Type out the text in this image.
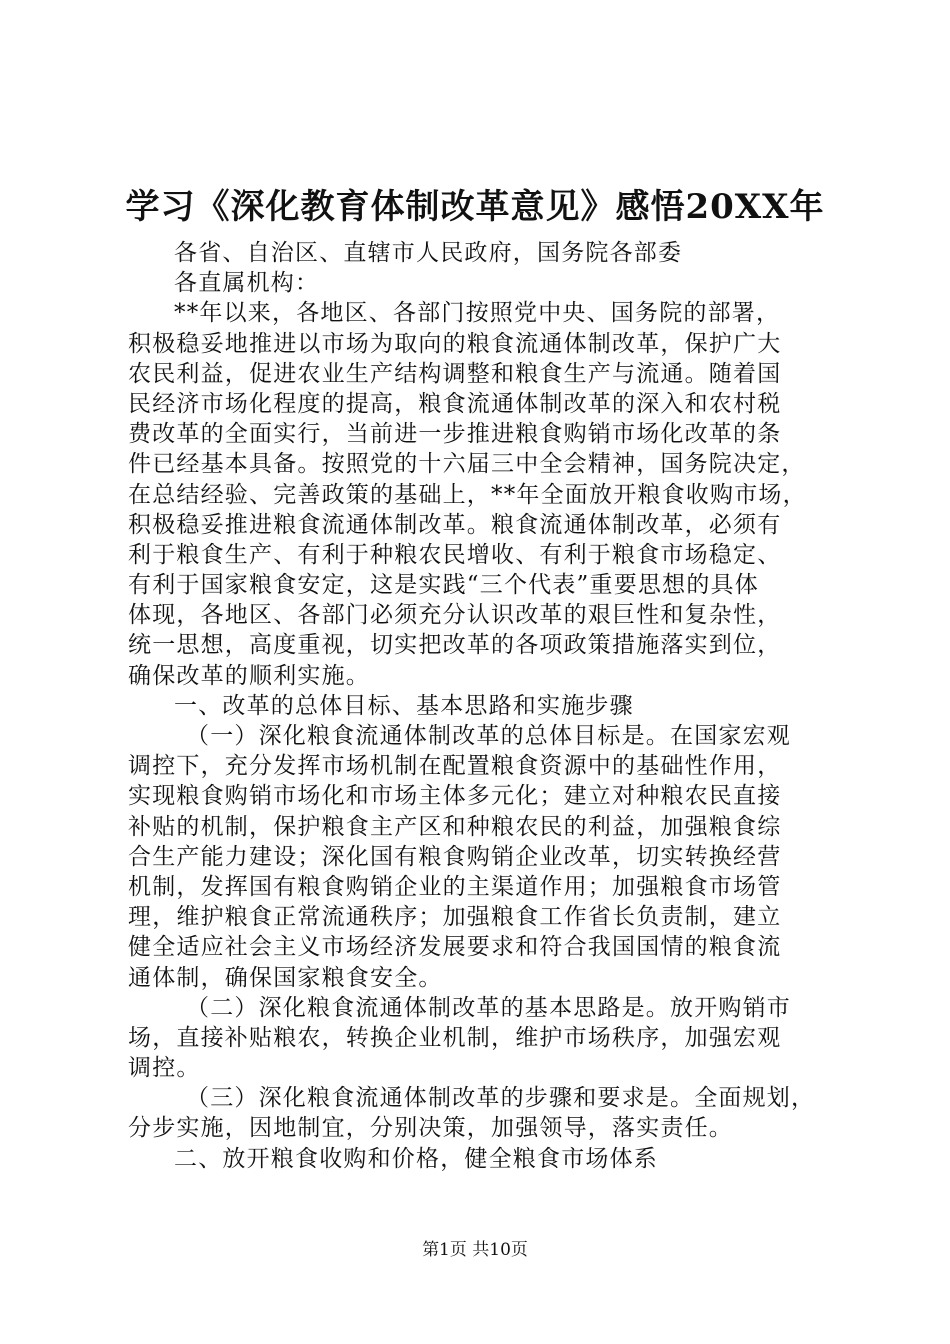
学习《深化教育体制改革意见》感悟20XX年
各省、自治区、直辖市人民政府，国务院各部委
各直属机构：
**年以来，各地区、各部门按照党中央、国务院的部署，
积极稳妥地推进以市场为取向的粮食流通体制改革，保护广大
农民利益，促进农业生产结构调整和粮食生产与流通。随着国
民经济市场化程度的提高，粮食流通体制改革的深入和农村税
费改革的全面实行，当前进一步推进粮食购销市场化改革的条
件已经基本具备。按照党的十六届三中全会精神，国务院决定，
在总结经验、完善政策的基础上，**年全面放开粮食收购市场，
积极稳妥推进粮食流通体制改革。粮食流通体制改革，必须有
利于粮食生产、有利于种粮农民增收、有利于粮食市场稳定、
有利于国家粮食安定，这是实践“三个代表”重要思想的具体
体现，各地区、各部门必须充分认识改革的艰巨性和复杂性，
统一思想，高度重视，切实把改革的各项政策措施落实到位，
确保改革的顺利实施。
一、改革的总体目标、基本思路和实施步骤
（一）深化粮食流通体制改革的总体目标是。在国家宏观
调控下，充分发挥市场机制在配置粮食资源中的基础性作用，
实现粮食购销市场化和市场主体多元化；建立对种粮农民直接
补贴的机制，保护粮食主产区和种粮农民的利益，加强粮食综
合生产能力建设；深化国有粮食购销企业改革，切实转换经营
机制，发挥国有粮食购销企业的主渠道作用；加强粮食市场管
理，维护粮食正常流通秩序；加强粮食工作省长负责制，建立
健全适应社会主义市场经济发展要求和符合我国国情的粮食流
通体制，确保国家粮食安全。
（二）深化粮食流通体制改革的基本思路是。放开购销市
场，直接补贴粮农，转换企业机制，维护市场秩序，加强宏观
调控。
（三）深化粮食流通体制改革的步骤和要求是。全面规划，
分步实施，因地制宜，分别决策，加强领导，落实责任。
二、放开粮食收购和价格，健全粮食市场体系
第1页 共10页
